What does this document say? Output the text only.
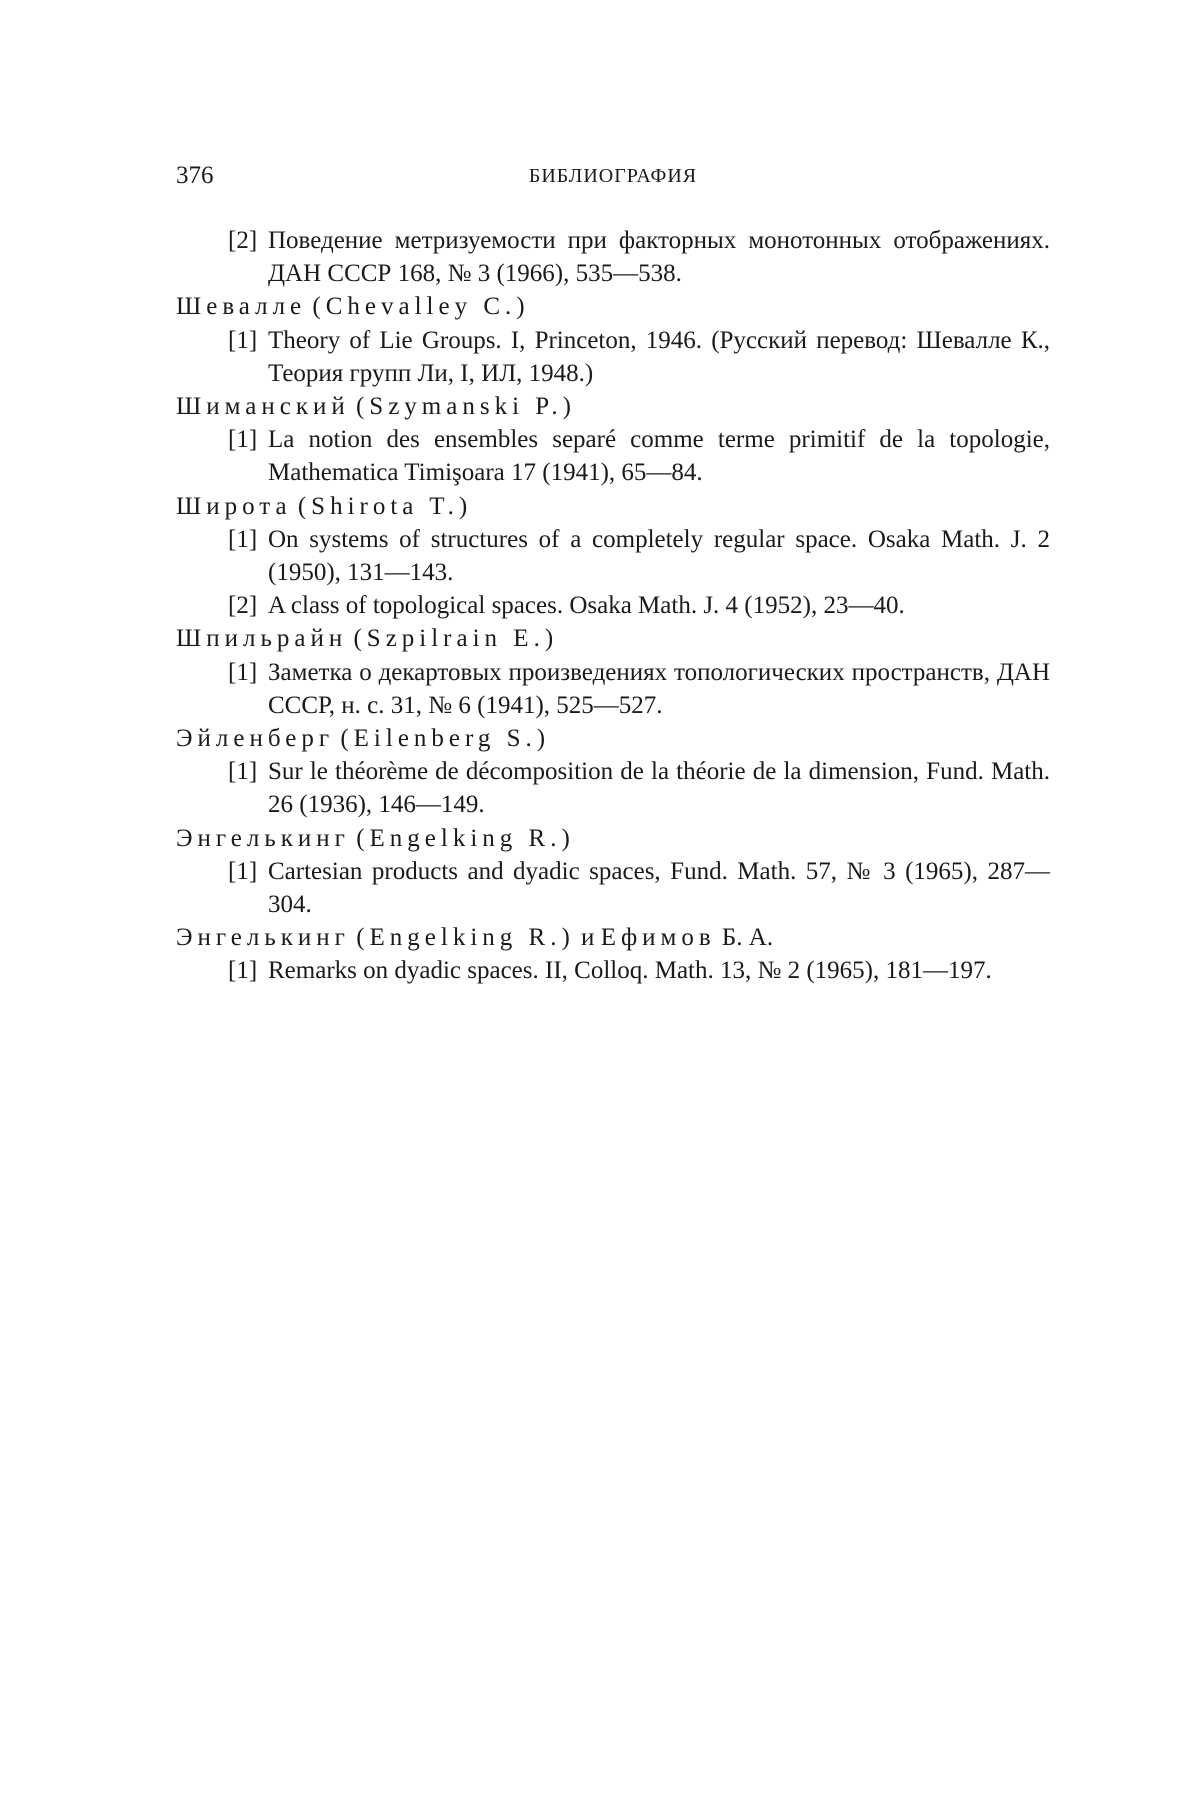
376	БИБЛИОГРАФИЯ
[2] Поведение метризуемости при факторных монотонных отображениях. ДАН СССР 168, № 3 (1966), 535—538.
Шевалле (Chevalley C.)
[1] Theory of Lie Groups. I, Princeton, 1946. (Русский перевод: Шевалле К., Теория групп Ли, I, ИЛ, 1948.)
Шиманский (Szymanski P.)
[1] La notion des ensembles separé comme terme primitif de la topologie, Mathematica Timişoara 17 (1941), 65—84.
Широта (Shirota T.)
[1] On systems of structures of a completely regular space. Osaka Math. J. 2 (1950), 131—143.
[2] A class of topological spaces. Osaka Math. J. 4 (1952), 23—40.
Шпильрайн (Szpilrain E.)
[1] Заметка о декартовых произведениях топологических пространств, ДАН СССР, н. с. 31, № 6 (1941), 525—527.
Эйленберг (Eilenberg S.)
[1] Sur le théorème de décomposition de la théorie de la dimension, Fund. Math. 26 (1936), 146—149.
Энгелькинг (Engelking R.)
[1] Cartesian products and dyadic spaces, Fund. Math. 57, № 3 (1965), 287—304.
Энгелькинг (Engelking R.) и Ефимов Б. А.
[1] Remarks on dyadic spaces. II, Colloq. Math. 13, № 2 (1965), 181—197.
